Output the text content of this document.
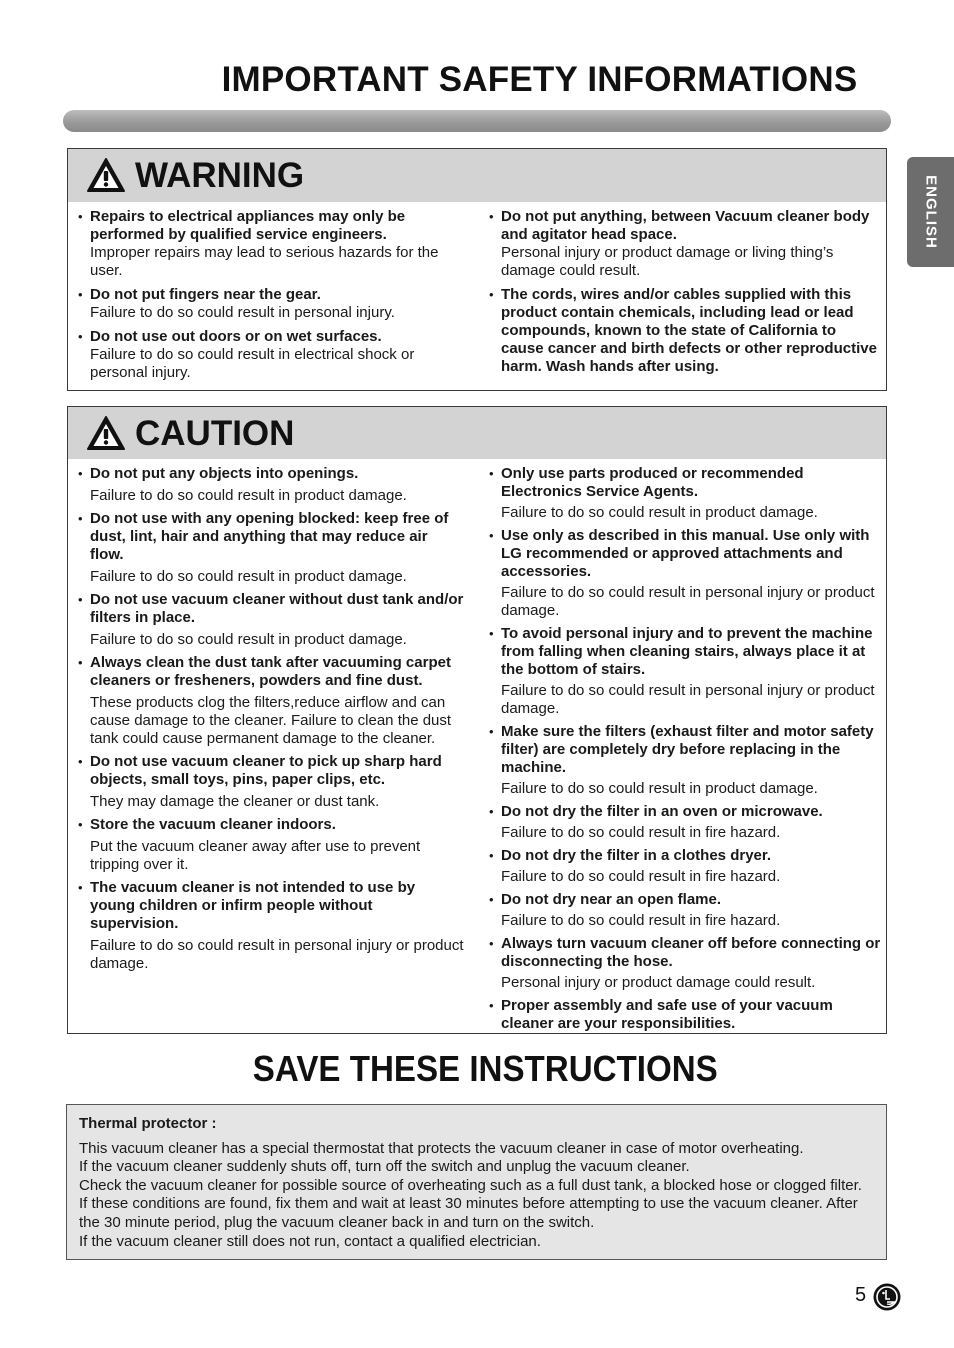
IMPORTANT SAFETY INFORMATIONS
ENGLISH
WARNING
• Repairs to electrical appliances may only be performed by qualified service engineers.
Improper repairs may lead to serious hazards for the user.
• Do not put fingers near the gear.
Failure to do so could result in personal injury.
• Do not use out doors or on wet surfaces.
Failure to do so could result in electrical shock or personal injury.
• Do not put anything, between Vacuum cleaner body and agitator head space.
Personal injury or product damage or living thing’s damage could result.
• The cords, wires and/or cables supplied with this product contain chemicals, including lead or lead compounds, known to the state of California to cause cancer and birth defects or other reproductive harm. Wash hands after using.
CAUTION
• Do not put any objects into openings.
Failure to do so could result in product damage.
• Do not use with any opening blocked: keep free of dust, lint, hair and anything that may reduce air flow.
Failure to do so could result in product damage.
• Do not use vacuum cleaner without dust tank and/or filters in place.
Failure to do so could result in product damage.
• Always clean the dust tank after vacuuming carpet cleaners or fresheners, powders and fine dust.
These products clog the filters,reduce airflow and can cause damage to the cleaner. Failure to clean the dust tank could cause permanent damage to the cleaner.
• Do not use vacuum cleaner to pick up sharp hard objects, small toys, pins, paper clips, etc.
They may damage the cleaner or dust tank.
• Store the vacuum cleaner indoors.
Put the vacuum cleaner away after use to prevent tripping over it.
• The vacuum cleaner is not intended to use by young children or infirm people without supervision.
Failure to do so could result in personal injury or product damage.
• Only use parts produced or recommended Electronics Service Agents.
Failure to do so could result in product damage.
• Use only as described in this manual. Use only with LG recommended or approved attachments and accessories.
Failure to do so could result in personal injury or product damage.
• To avoid personal injury and to prevent the machine from falling when cleaning stairs, always place it at the bottom of stairs.
Failure to do so could result in personal injury or product damage.
• Make sure the filters (exhaust filter and motor safety filter) are completely dry before replacing in the machine.
Failure to do so could result in product damage.
• Do not dry the filter in an oven or microwave.
Failure to do so could result in fire hazard.
• Do not dry the filter in a clothes dryer.
Failure to do so could result in fire hazard.
• Do not dry near an open flame.
Failure to do so could result in fire hazard.
• Always turn vacuum cleaner off before connecting or disconnecting the hose.
Personal injury or product damage could result.
• Proper assembly and safe use of your vacuum cleaner are your responsibilities.
SAVE THESE INSTRUCTIONS
Thermal protector :
This vacuum cleaner has a special thermostat that protects the vacuum cleaner in case of motor overheating.
If the vacuum cleaner suddenly shuts off, turn off the switch and unplug the vacuum cleaner.
Check the vacuum cleaner for possible source of overheating such as a full dust tank, a blocked hose or clogged filter. If these conditions are found, fix them and wait at least 30 minutes before attempting to use the vacuum cleaner. After the 30 minute period, plug the vacuum cleaner back in and turn on the switch.
If the vacuum cleaner still does not run, contact a qualified electrician.
5
